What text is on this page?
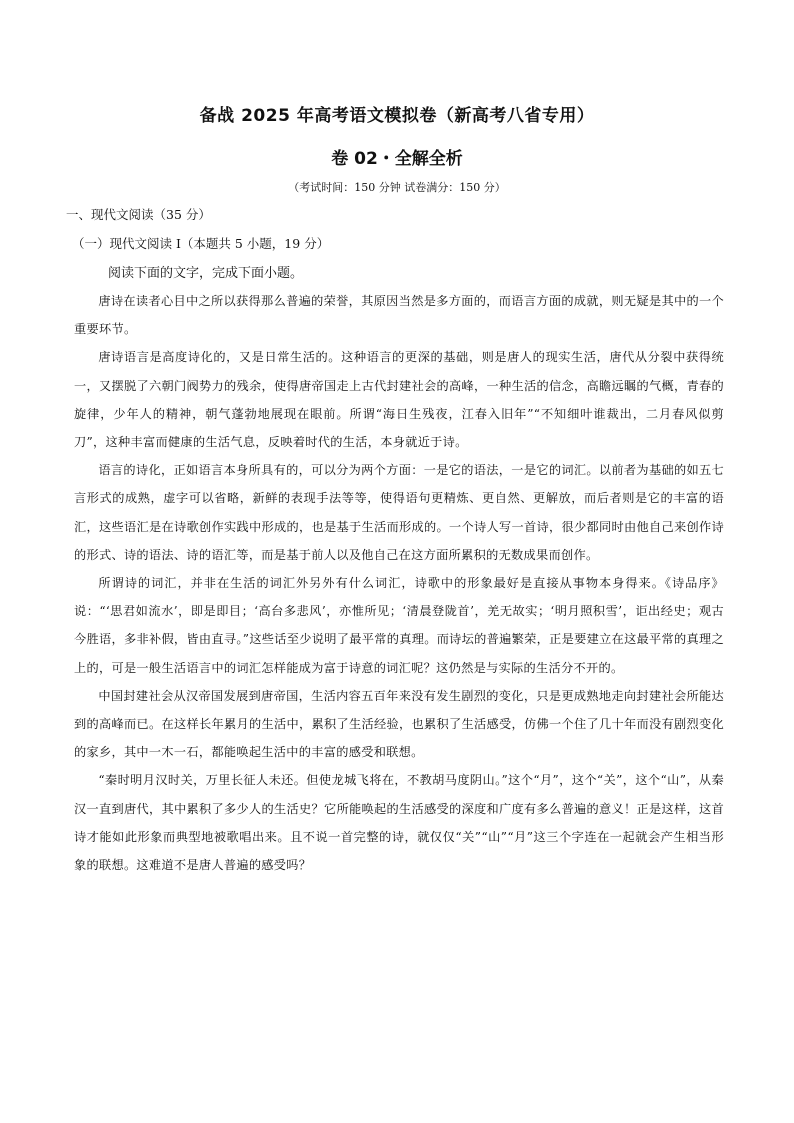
备战 2025 年高考语文模拟卷（新高考八省专用）
卷 02・全解全析
（考试时间：150 分钟 试卷满分：150 分）
一、现代文阅读（35 分）
（一）现代文阅读 I（本题共 5 小题，19 分）
阅读下面的文字，完成下面小题。

唐诗在读者心目中之所以获得那么普遍的荣誉，其原因当然是多方面的，而语言方面的成就，则无疑是其中的一个重要环节。

唐诗语言是高度诗化的，又是日常生活的。这种语言的更深的基础，则是唐人的现实生活，唐代从分裂中获得统一，又摆脱了六朝门阀势力的残余，使得唐帝国走上古代封建社会的高峰，一种生活的信念，高瞻远瞩的气概，青春的旋律，少年人的精神，朝气蓬勃地展现在眼前。所谓“海日生残夜，江春入旧年”“不知细叶谁裁出，二月春风似剪刀”，这种丰富而健康的生活气息，反映着时代的生活，本身就近于诗。

语言的诗化，正如语言本身所具有的，可以分为两个方面：一是它的语法，一是它的词汇。以前者为基础的如五七言形式的成熟，虚字可以省略，新鲜的表现手法等等，使得语句更精炼、更自然、更解放，而后者则是它的丰富的语汇，这些语汇是在诗歌创作实践中形成的，也是基于生活而形成的。一个诗人写一首诗，很少都同时由他自己来创作诗的形式、诗的语法、诗的语汇等，而是基于前人以及他自己在这方面所累积的无数成果而创作。

所谓诗的词汇，并非在生活的词汇外另外有什么词汇，诗歌中的形象最好是直接从事物本身得来。《诗品序》说：“‘思君如流水’，即是即目；‘高台多悲风’，亦惟所见；‘清晨登陇首’，羌无故实；‘明月照积雪’，讵出经史；观古今胜语，多非补假，皆由直寻。”这些话至少说明了最平常的真理。而诗坛的普遍繁荣，正是要建立在这最平常的真理之上的，可是一般生活语言中的词汇怎样能成为富于诗意的词汇呢？这仍然是与实际的生活分不开的。

中国封建社会从汉帝国发展到唐帝国，生活内容五百年来没有发生剧烈的变化，只是更成熟地走向封建社会所能达到的高峰而已。在这样长年累月的生活中，累积了生活经验，也累积了生活感受，仿佛一个住了几十年而没有剧烈变化的家乡，其中一木一石，都能唤起生活中的丰富的感受和联想。

“秦时明月汉时关，万里长征人未还。但使龙城飞将在，不教胡马度阴山。”这个“月”，这个“关”，这个“山”，从秦汉一直到唐代，其中累积了多少人的生活史？它所能唤起的生活感受的深度和广度有多么普遍的意义！正是这样，这首诗才能如此形象而典型地被歌唱出来。且不说一首完整的诗，就仅仅“关”“山”“月”这三个字连在一起就会产生相当形象的联想。这难道不是唐人普遍的感受吗？
